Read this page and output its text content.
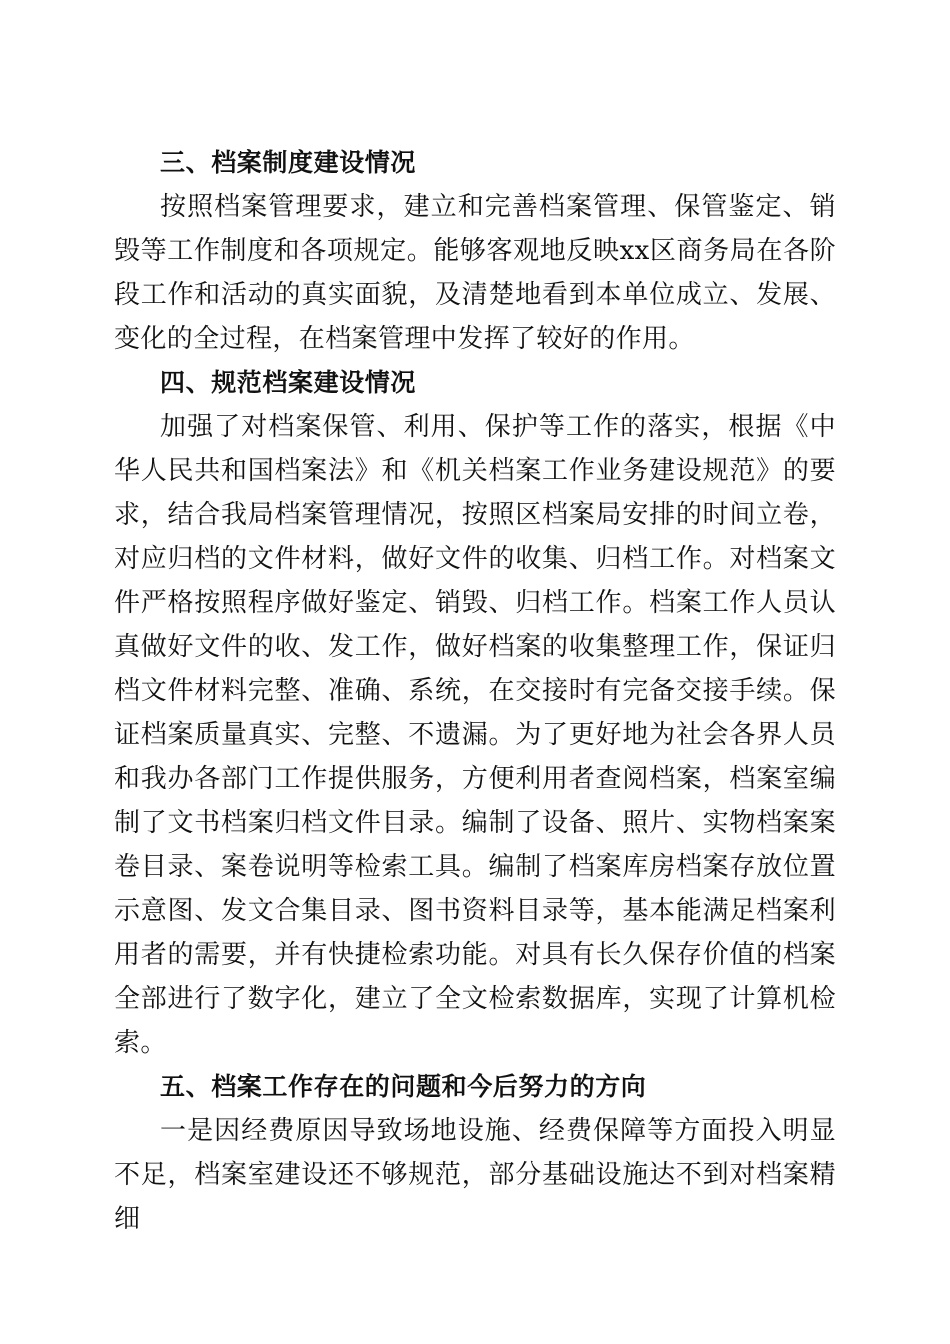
三、档案制度建设情况

按照档案管理要求，建立和完善档案管理、保管鉴定、销毁等工作制度和各项规定。能够客观地反映xx区商务局在各阶段工作和活动的真实面貌，及清楚地看到本单位成立、发展、变化的全过程，在档案管理中发挥了较好的作用。

四、规范档案建设情况

加强了对档案保管、利用、保护等工作的落实，根据《中华人民共和国档案法》和《机关档案工作业务建设规范》的要求，结合我局档案管理情况，按照区档案局安排的时间立卷，对应归档的文件材料，做好文件的收集、归档工作。对档案文件严格按照程序做好鉴定、销毁、归档工作。档案工作人员认真做好文件的收、发工作，做好档案的收集整理工作，保证归档文件材料完整、准确、系统，在交接时有完备交接手续。保证档案质量真实、完整、不遗漏。为了更好地为社会各界人员和我办各部门工作提供服务，方便利用者查阅档案，档案室编制了文书档案归档文件目录。编制了设备、照片、实物档案案卷目录、案卷说明等检索工具。编制了档案库房档案存放位置示意图、发文合集目录、图书资料目录等，基本能满足档案利用者的需要，并有快捷检索功能。对具有长久保存价值的档案全部进行了数字化，建立了全文检索数据库，实现了计算机检索。

五、档案工作存在的问题和今后努力的方向

一是因经费原因导致场地设施、经费保障等方面投入明显不足，档案室建设还不够规范，部分基础设施达不到对档案精细
